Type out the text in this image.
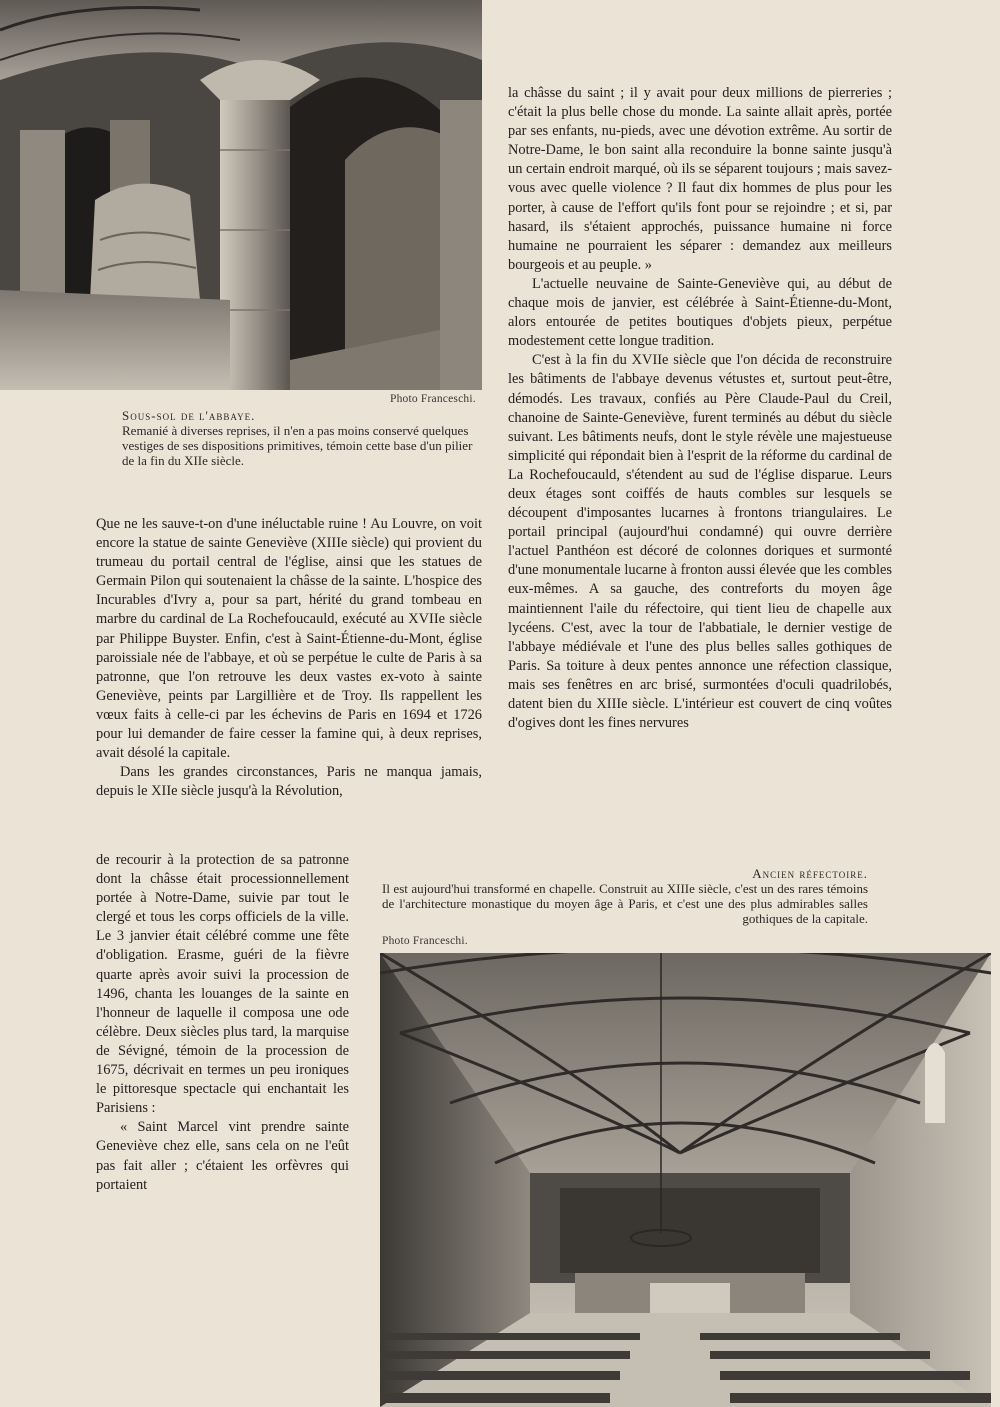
Photo Franceschi.
Sous-sol de l'abbaye.
Remanié à diverses reprises, il n'en a pas moins conservé quelques vestiges de ses dispositions primitives, témoin cette base d'un pilier de la fin du XIIe siècle.

la châsse du saint ; il y avait pour deux millions de pierreries ; c'était la plus belle chose du monde. La sainte allait après, portée par ses enfants, nu-pieds, avec une dévotion extrême. Au sortir de Notre-Dame, le bon saint alla reconduire la bonne sainte jusqu'à un certain endroit marqué, où ils se séparent toujours ; mais savez-vous avec quelle violence ? Il faut dix hommes de plus pour les porter, à cause de l'effort qu'ils font pour se rejoindre ; et si, par hasard, ils s'étaient approchés, puissance humaine ni force humaine ne pourraient les séparer : demandez aux meilleurs bourgeois et au peuple. »

L'actuelle neuvaine de Sainte-Geneviève qui, au début de chaque mois de janvier, est célébrée à Saint-Étienne-du-Mont, alors entourée de petites boutiques d'objets pieux, perpétue modestement cette longue tradition.

C'est à la fin du XVIIe siècle que l'on décida de reconstruire les bâtiments de l'abbaye devenus vétustes et, surtout peut-être, démodés. Les travaux, confiés au Père Claude-Paul du Creil, chanoine de Sainte-Geneviève, furent terminés au début du siècle suivant. Les bâtiments neufs, dont le style révèle une majestueuse simplicité qui répondait bien à l'esprit de la réforme du cardinal de La Rochefoucauld, s'étendent au sud de l'église disparue. Leurs deux étages sont coiffés de hauts combles sur lesquels se découpent d'imposantes lucarnes à frontons triangulaires. Le portail principal (aujourd'hui condamné) qui ouvre derrière l'actuel Panthéon est décoré de colonnes doriques et surmonté d'une monumentale lucarne à fronton aussi élevée que les combles eux-mêmes. A sa gauche, des contreforts du moyen âge maintiennent l'aile du réfectoire, qui tient lieu de chapelle aux lycéens. C'est, avec la tour de l'abbatiale, le dernier vestige de l'abbaye médiévale et l'une des plus belles salles gothiques de Paris. Sa toiture à deux pentes annonce une réfection classique, mais ses fenêtres en arc brisé, surmontées d'oculi quadrilobés, datent bien du XIIIe siècle. L'intérieur est couvert de cinq voûtes d'ogives dont les fines nervures

Que ne les sauve-t-on d'une inéluctable ruine ! Au Louvre, on voit encore la statue de sainte Geneviève (XIIIe siècle) qui provient du trumeau du portail central de l'église, ainsi que les statues de Germain Pilon qui soutenaient la châsse de la sainte. L'hospice des Incurables d'Ivry a, pour sa part, hérité du grand tombeau en marbre du cardinal de La Rochefoucauld, exécuté au XVIIe siècle par Philippe Buyster. Enfin, c'est à Saint-Étienne-du-Mont, église paroissiale née de l'abbaye, et où se perpétue le culte de Paris à sa patronne, que l'on retrouve les deux vastes ex-voto à sainte Geneviève, peints par Largillière et de Troy. Ils rappellent les vœux faits à celle-ci par les échevins de Paris en 1694 et 1726 pour lui demander de faire cesser la famine qui, à deux reprises, avait désolé la capitale.

Dans les grandes circonstances, Paris ne manqua jamais, depuis le XIIe siècle jusqu'à la Révolution,

de recourir à la protection de sa patronne dont la châsse était processionnellement portée à Notre-Dame, suivie par tout le clergé et tous les corps officiels de la ville. Le 3 janvier était célébré comme une fête d'obligation. Erasme, guéri de la fièvre quarte après avoir suivi la procession de 1496, chanta les louanges de la sainte en l'honneur de laquelle il composa une ode célèbre. Deux siècles plus tard, la marquise de Sévigné, témoin de la procession de 1675, décrivait en termes un peu ironiques le pittoresque spectacle qui enchantait les Parisiens :

« Saint Marcel vint prendre sainte Geneviève chez elle, sans cela on ne l'eût pas fait aller ; c'étaient les orfèvres qui portaient

Ancien réfectoire.
Il est aujourd'hui transformé en chapelle. Construit au XIIIe siècle, c'est un des rares témoins de l'architecture monastique du moyen âge à Paris, et c'est une des plus admirables salles gothiques de la capitale.
Photo Franceschi.
